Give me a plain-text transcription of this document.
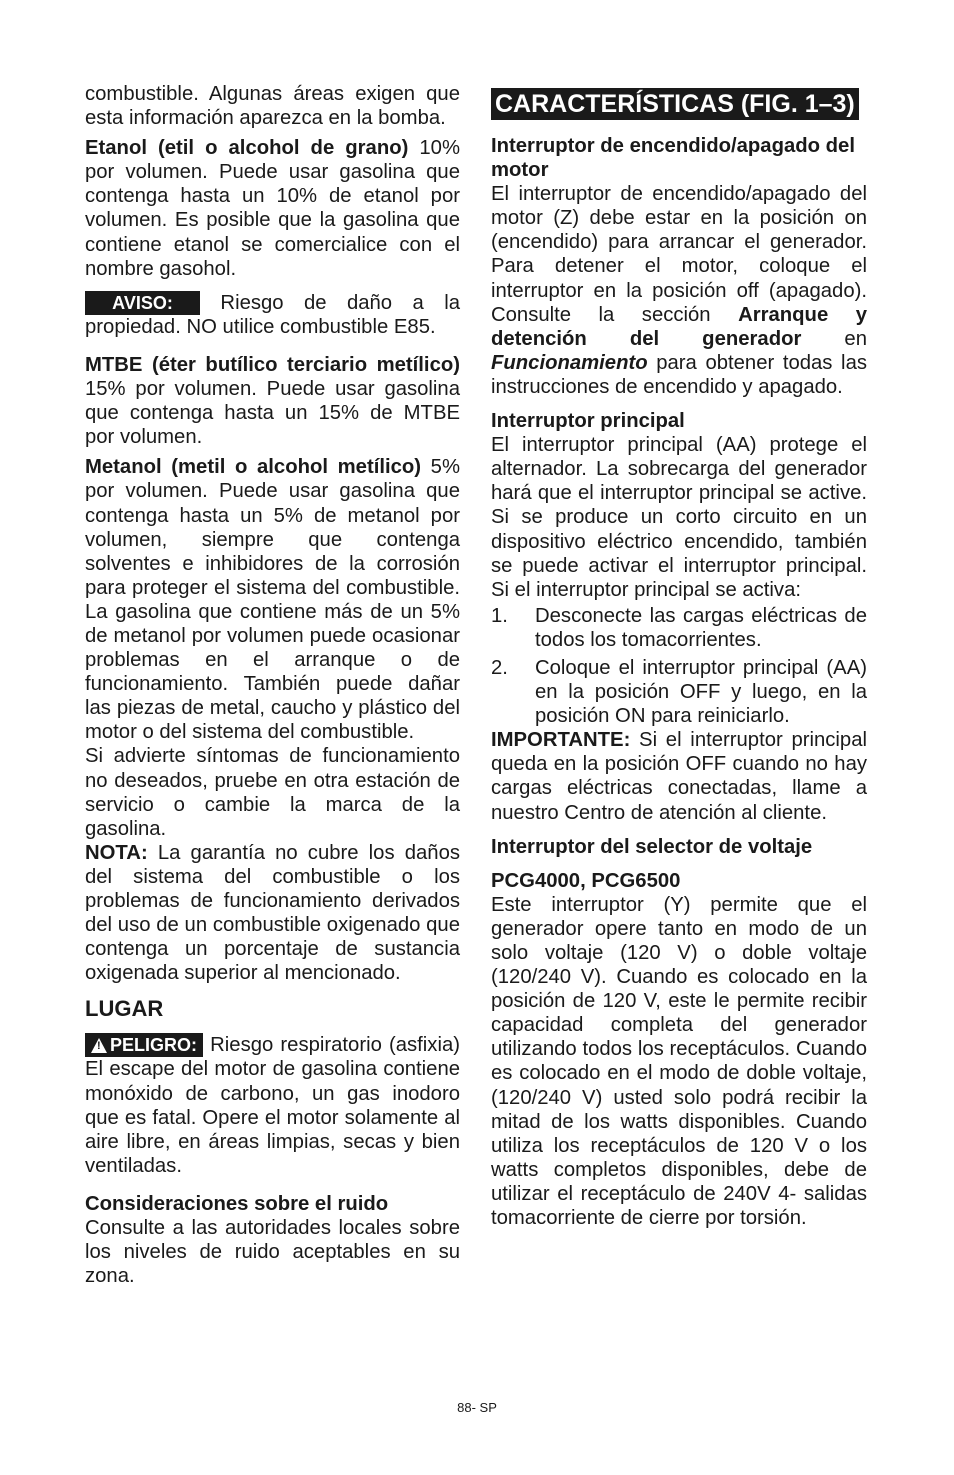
combustible. Algunas áreas exigen que esta información aparezca en la bomba.

Etanol (etil o alcohol de grano) 10% por volumen. Puede usar gasolina que contenga hasta un 10% de etanol por volumen. Es posible que la gasolina que contiene etanol se comercialice con el nombre gasohol.

AVISO: Riesgo de daño a la propiedad. NO utilice combustible E85.

MTBE (éter butílico terciario metílico) 15% por volumen. Puede usar gasolina que contenga hasta un 15% de MTBE por volumen.

Metanol (metil o alcohol metílico) 5% por volumen. Puede usar gasolina que contenga hasta un 5% de metanol por volumen, siempre que contenga solventes e inhibidores de la corrosión para proteger el sistema del combustible. La gasolina que contiene más de un 5% de metanol por volumen puede ocasionar problemas en el arranque o de funcionamiento. También puede dañar las piezas de metal, caucho y plástico del motor o del sistema del combustible.

Si advierte síntomas de funcionamiento no deseados, pruebe en otra estación de servicio o cambie la marca de la gasolina.

NOTA: La garantía no cubre los daños del sistema del combustible o los problemas de funcionamiento derivados del uso de un combustible oxigenado que contenga un porcentaje de sustancia oxigenada superior al mencionado.

LUGAR

! PELIGRO: Riesgo respiratorio (asfixia) El escape del motor de gasolina contiene monóxido de carbono, un gas inodoro que es fatal. Opere el motor solamente al aire libre, en áreas limpias, secas y bien ventiladas.

Consideraciones sobre el ruido

Consulte a las autoridades locales sobre los niveles de ruido aceptables en su zona.

CARACTERÍSTICAS (FIG. 1–3)

Interruptor de encendido/apagado del motor

El interruptor de encendido/apagado del motor (Z) debe estar en la posición on (encendido) para arrancar el generador. Para detener el motor, coloque el interruptor en la posición off (apagado). Consulte la sección Arranque y detención del generador en Funcionamiento para obtener todas las instrucciones de encendido y apagado.

Interruptor principal

El interruptor principal (AA) protege el alternador. La sobrecarga del generador hará que el interruptor principal se active. Si se produce un corto circuito en un dispositivo eléctrico encendido, también se puede activar el interruptor principal. Si el interruptor principal se activa:

1.	Desconecte las cargas eléctricas de todos los tomacorrientes.
2.	Coloque el interruptor principal (AA) en la posición OFF y luego, en la posición ON para reiniciarlo.

IMPORTANTE: Si el interruptor principal queda en la posición OFF cuando no hay cargas eléctricas conectadas, llame a nuestro Centro de atención al cliente.

Interruptor del selector de voltaje

PCG4000, PCG6500

Este interruptor (Y) permite que el generador opere tanto en modo de un solo voltaje (120 V) o doble voltaje (120/240 V). Cuando es colocado en la posición de 120 V, este le permite recibir capacidad completa del generador utilizando todos los receptáculos. Cuando es colocado en el modo de doble voltaje, (120/240 V) usted solo podrá recibir la mitad de los watts disponibles. Cuando utiliza los receptáculos de 120 V o los watts completos disponibles, debe de utilizar el receptáculo de 240V 4- salidas tomacorriente de cierre por torsión.

88- SP
